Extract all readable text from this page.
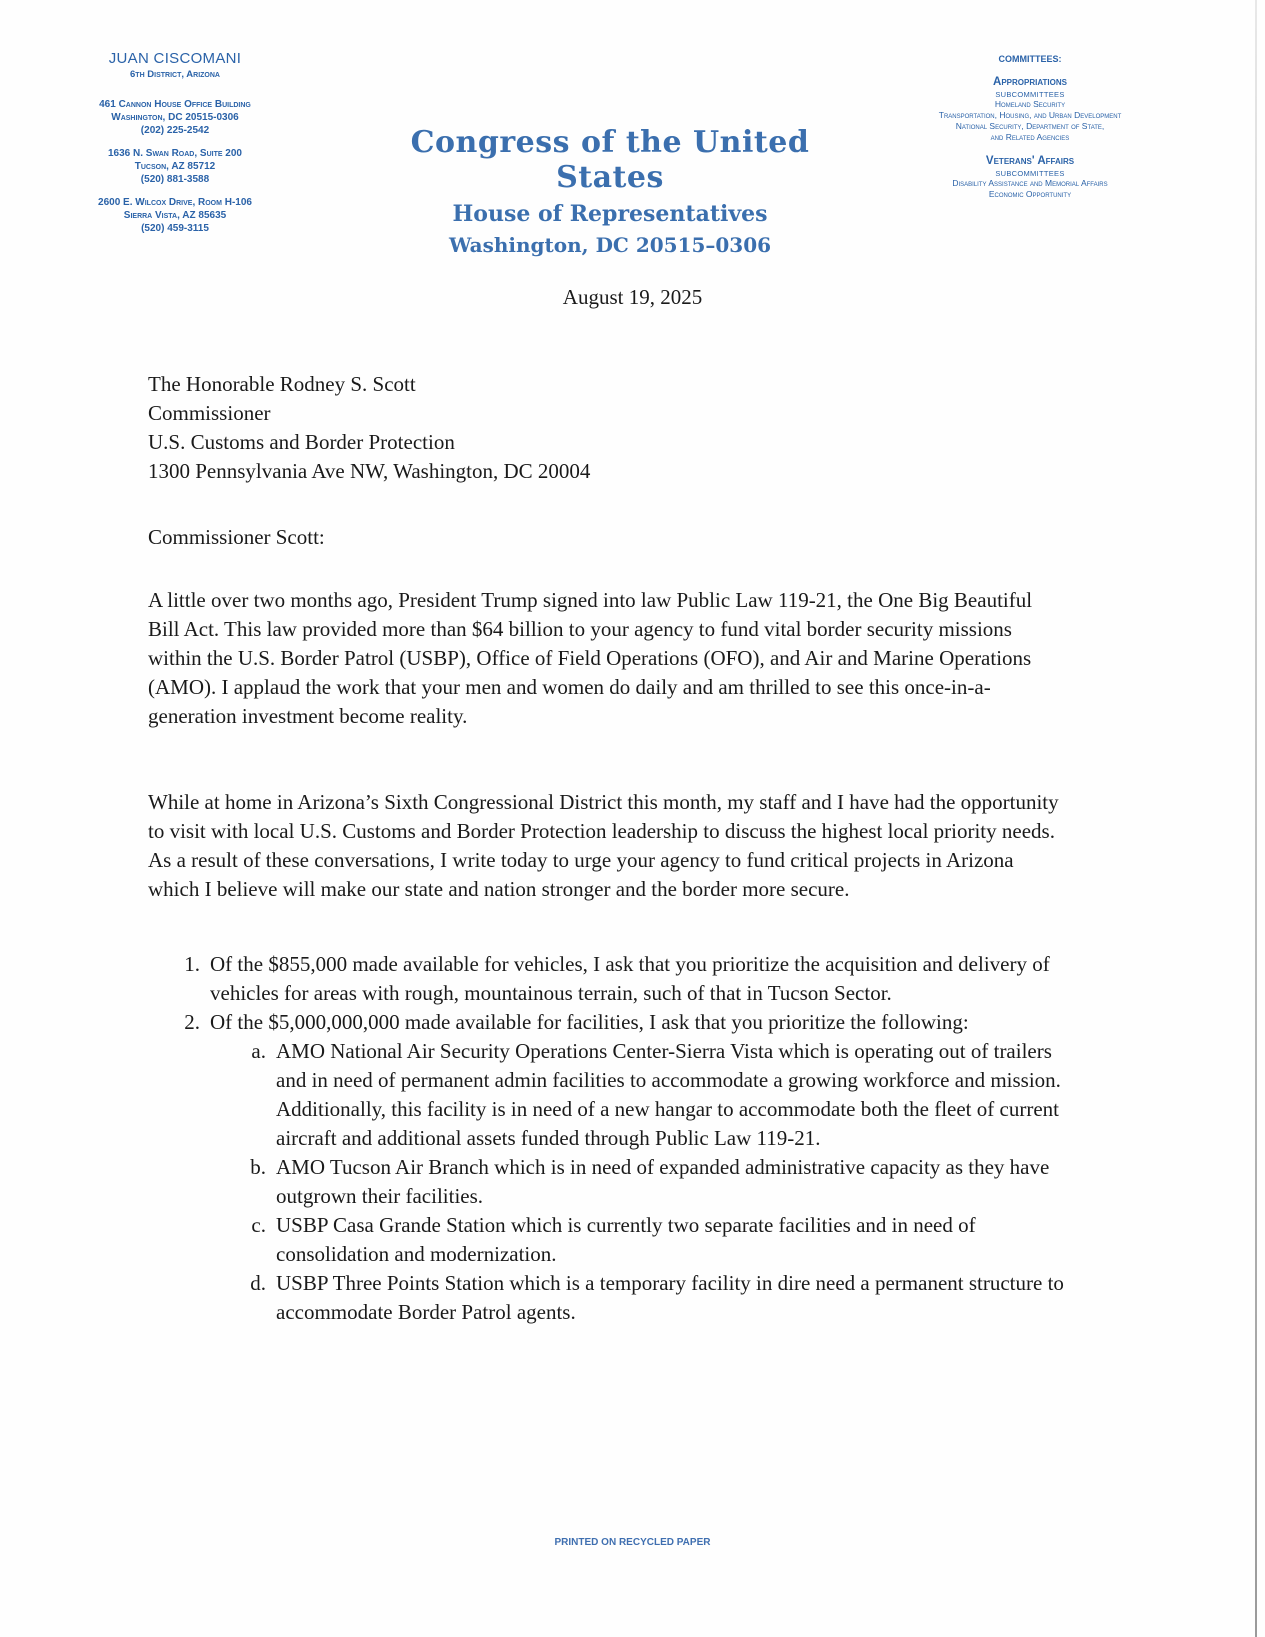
JUAN CISCOMANI
6th District, Arizona
461 Cannon House Office Building
Washington, DC 20515-0306
(202) 225-2542
1636 N. Swan Road, Suite 200
Tucson, AZ 85712
(520) 881-3588
2600 E. Wilcox Drive, Room H-106
Sierra Vista, AZ 85635
(520) 459-3115
Congress of the United States
House of Representatives
Washington, DC 20515–0306
COMMITTEES:
Appropriations
SUBCOMMITTEES
Homeland Security
Transportation, Housing, and Urban Development
National Security, Department of State,
and Related Agencies
Veterans' Affairs
SUBCOMMITTEES
Disability Assistance and Memorial Affairs
Economic Opportunity
August 19, 2025
The Honorable Rodney S. Scott
Commissioner
U.S. Customs and Border Protection
1300 Pennsylvania Ave NW, Washington, DC 20004
Commissioner Scott:
A little over two months ago, President Trump signed into law Public Law 119-21, the One Big Beautiful Bill Act. This law provided more than $64 billion to your agency to fund vital border security missions within the U.S. Border Patrol (USBP), Office of Field Operations (OFO), and Air and Marine Operations (AMO). I applaud the work that your men and women do daily and am thrilled to see this once-in-a-generation investment become reality.
While at home in Arizona’s Sixth Congressional District this month, my staff and I have had the opportunity to visit with local U.S. Customs and Border Protection leadership to discuss the highest local priority needs. As a result of these conversations, I write today to urge your agency to fund critical projects in Arizona which I believe will make our state and nation stronger and the border more secure.
1. Of the $855,000 made available for vehicles, I ask that you prioritize the acquisition and delivery of vehicles for areas with rough, mountainous terrain, such of that in Tucson Sector.
2. Of the $5,000,000,000 made available for facilities, I ask that you prioritize the following:
a. AMO National Air Security Operations Center-Sierra Vista which is operating out of trailers and in need of permanent admin facilities to accommodate a growing workforce and mission. Additionally, this facility is in need of a new hangar to accommodate both the fleet of current aircraft and additional assets funded through Public Law 119-21.
b. AMO Tucson Air Branch which is in need of expanded administrative capacity as they have outgrown their facilities.
c. USBP Casa Grande Station which is currently two separate facilities and in need of consolidation and modernization.
d. USBP Three Points Station which is a temporary facility in dire need a permanent structure to accommodate Border Patrol agents.
PRINTED ON RECYCLED PAPER
